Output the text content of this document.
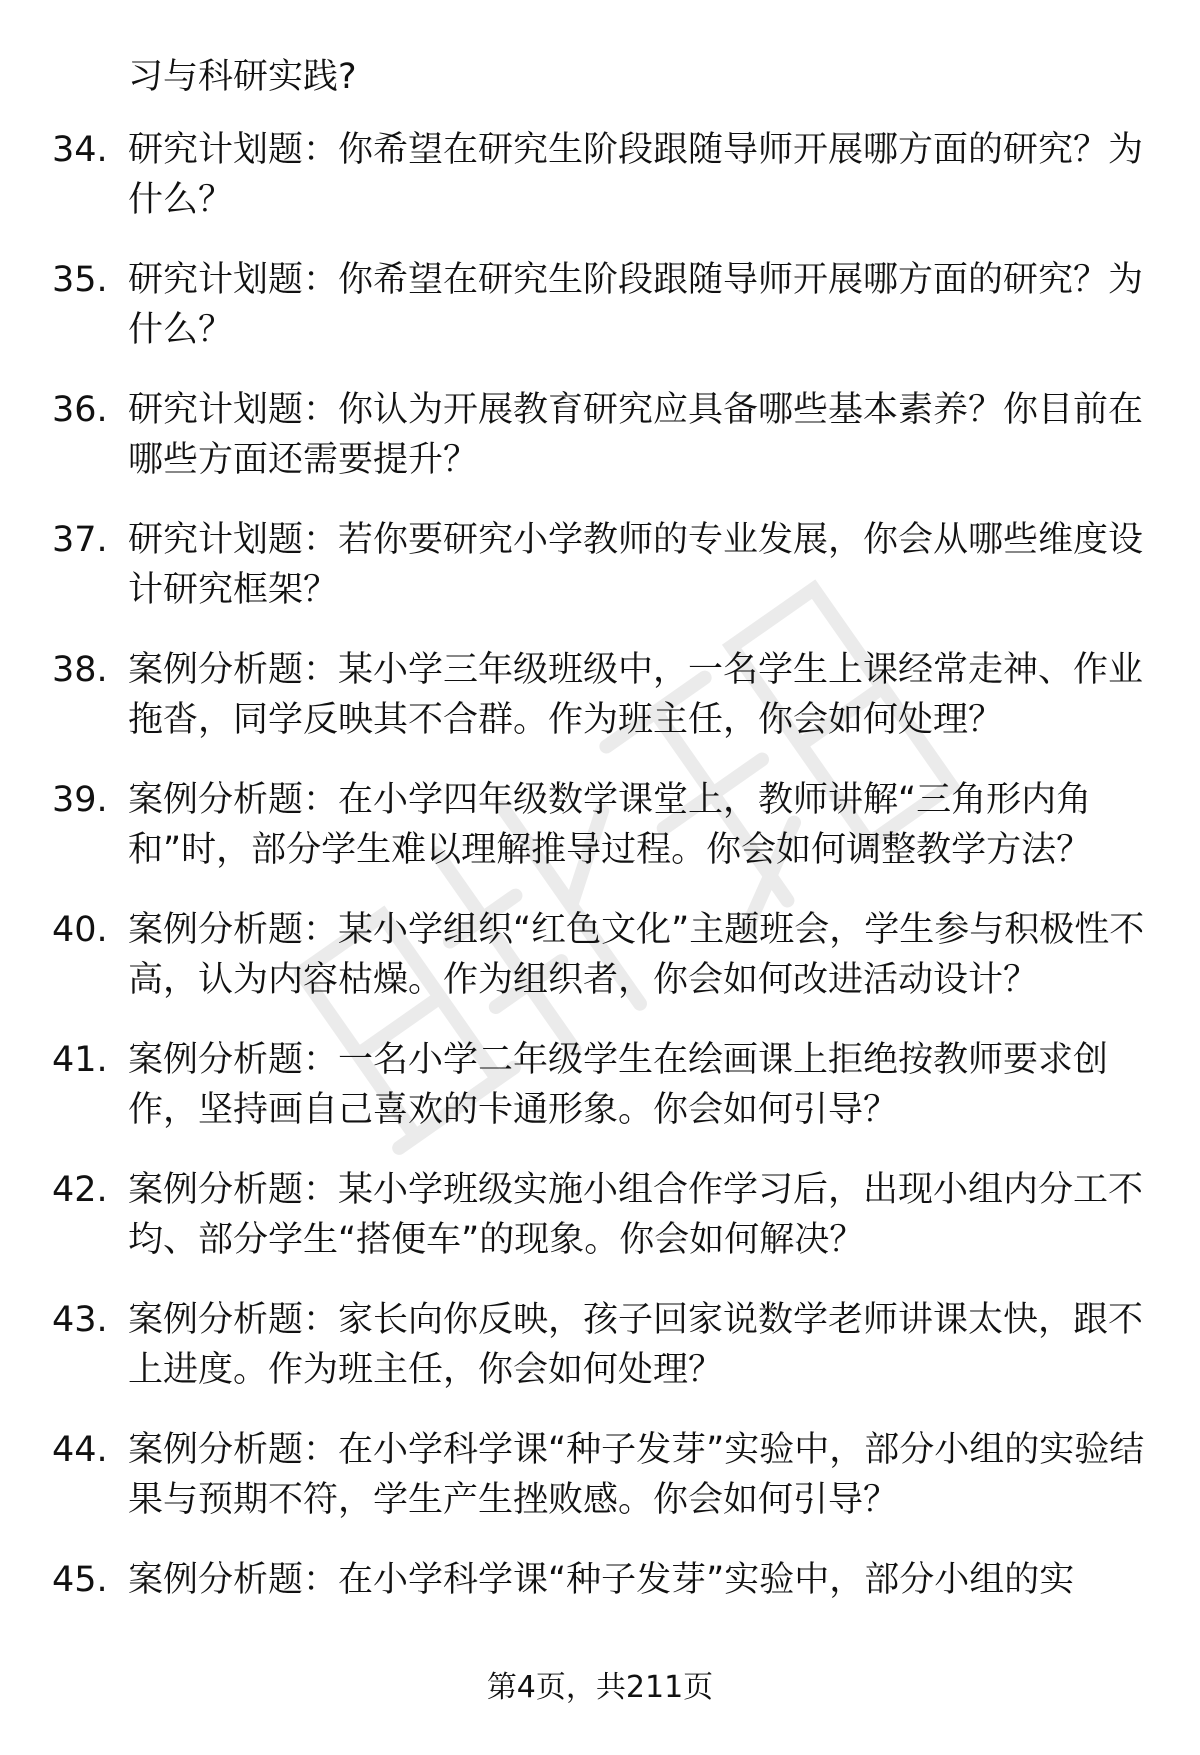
习与科研实践?
34. 研究计划题：你希望在研究生阶段跟随导师开展哪方面的研究？为什么？
35. 研究计划题：你希望在研究生阶段跟随导师开展哪方面的研究？为什么？
36. 研究计划题：你认为开展教育研究应具备哪些基本素养？你目前在哪些方面还需要提升？
37. 研究计划题：若你要研究小学教师的专业发展，你会从哪些维度设计研究框架？
38. 案例分析题：某小学三年级班级中，一名学生上课经常走神、作业拖沓，同学反映其不合群。作为班主任，你会如何处理？
39. 案例分析题：在小学四年级数学课堂上，教师讲解“三角形内角和”时，部分学生难以理解推导过程。你会如何调整教学方法？
40. 案例分析题：某小学组织“红色文化”主题班会，学生参与积极性不高，认为内容枯燥。作为组织者，你会如何改进活动设计？
41. 案例分析题：一名小学二年级学生在绘画课上拒绝按教师要求创作，坚持画自己喜欢的卡通形象。你会如何引导？
42. 案例分析题：某小学班级实施小组合作学习后，出现小组内分工不均、部分学生“搭便车”的现象。你会如何解决？
43. 案例分析题：家长向你反映，孩子回家说数学老师讲课太快，跟不上进度。作为班主任，你会如何处理？
44. 案例分析题：在小学科学课“种子发芽”实验中，部分小组的实验结果与预期不符，学生产生挫败感。你会如何引导？
45. 案例分析题：在小学科学课“种子发芽”实验中，部分小组的实
第4页，共211页
